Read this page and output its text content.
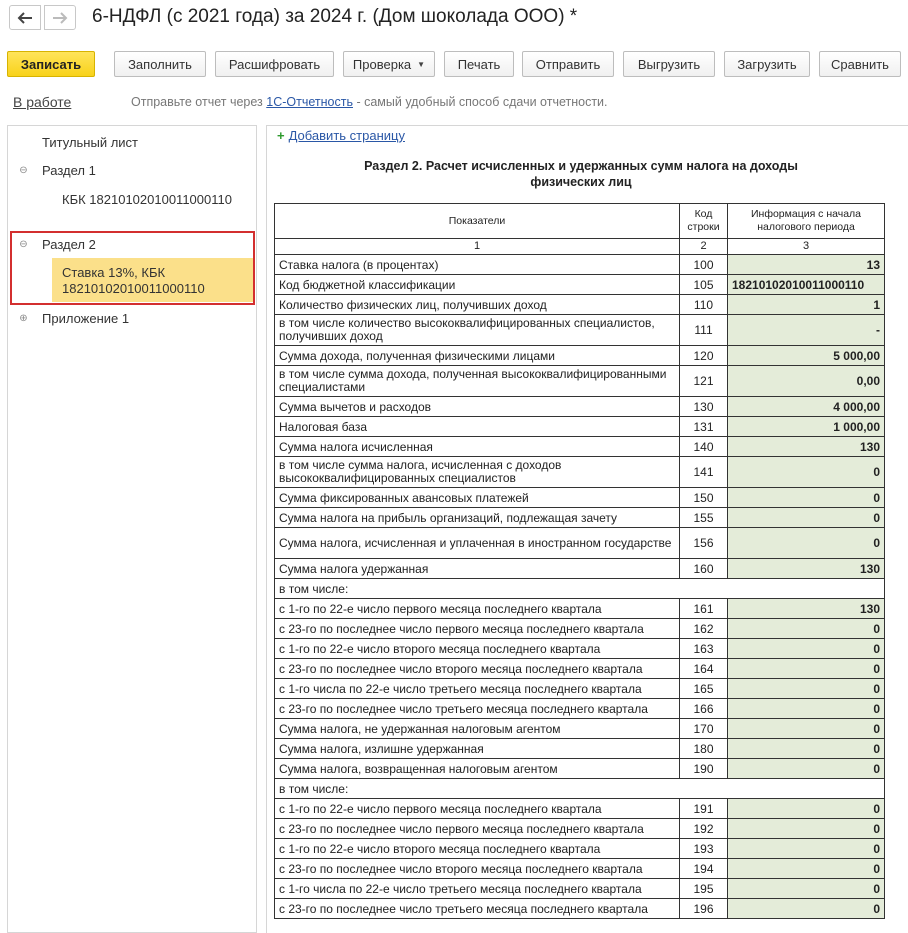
6-НДФЛ (с 2021 года) за 2024 г. (Дом шоколада ООО) *
Записать	Заполнить	Расшифровать	Проверка ▼	Печать	Отправить	Выгрузить	Загрузить	Сравнить
В работе	Отправьте отчет через 1С-Отчетность - самый удобный способ сдачи отчетности.
Титульный лист
⊖ Раздел 1
КБК 18210102010011000110
⊖ Раздел 2
Ставка 13%, КБК
18210102010011000110
⊕ Приложение 1
+ Добавить страницу
Раздел 2. Расчет исчисленных и удержанных сумм налога на доходы
физических лиц
Показатели	Код строки	Информация с начала налогового периода
1	2	3
Ставка налога (в процентах)	100	13
Код бюджетной классификации	105	18210102010011000110
Количество физических лиц, получивших доход	110	1
в том числе количество высококвалифицированных специалистов, получивших доход	111	-
Сумма дохода, полученная физическими лицами	120	5 000,00
в том числе сумма дохода, полученная высококвалифицированными специалистами	121	0,00
Сумма вычетов и расходов	130	4 000,00
Налоговая база	131	1 000,00
Сумма налога исчисленная	140	130
в том числе сумма налога, исчисленная с доходов высококвалифицированных специалистов	141	0
Сумма фиксированных авансовых платежей	150	0
Сумма налога на прибыль организаций, подлежащая зачету	155	0
Сумма налога, исчисленная и уплаченная в иностранном государстве	156	0
Сумма налога удержанная	160	130
в том числе:		
с 1-го по 22-е число первого месяца последнего квартала	161	130
с 23-го по последнее число первого месяца последнего квартала	162	0
с 1-го по 22-е число второго месяца последнего квартала	163	0
с 23-го по последнее число второго месяца последнего квартала	164	0
с 1-го числа по 22-е число третьего месяца последнего квартала	165	0
с 23-го по последнее число третьего месяца последнего квартала	166	0
Сумма налога, не удержанная налоговым агентом	170	0
Сумма налога, излишне удержанная	180	0
Сумма налога, возвращенная налоговым агентом	190	0
в том числе:		
с 1-го по 22-е число первого месяца последнего квартала	191	0
с 23-го по последнее число первого месяца последнего квартала	192	0
с 1-го по 22-е число второго месяца последнего квартала	193	0
с 23-го по последнее число второго месяца последнего квартала	194	0
с 1-го числа по 22-е число третьего месяца последнего квартала	195	0
с 23-го по последнее число третьего месяца последнего квартала	196	0
